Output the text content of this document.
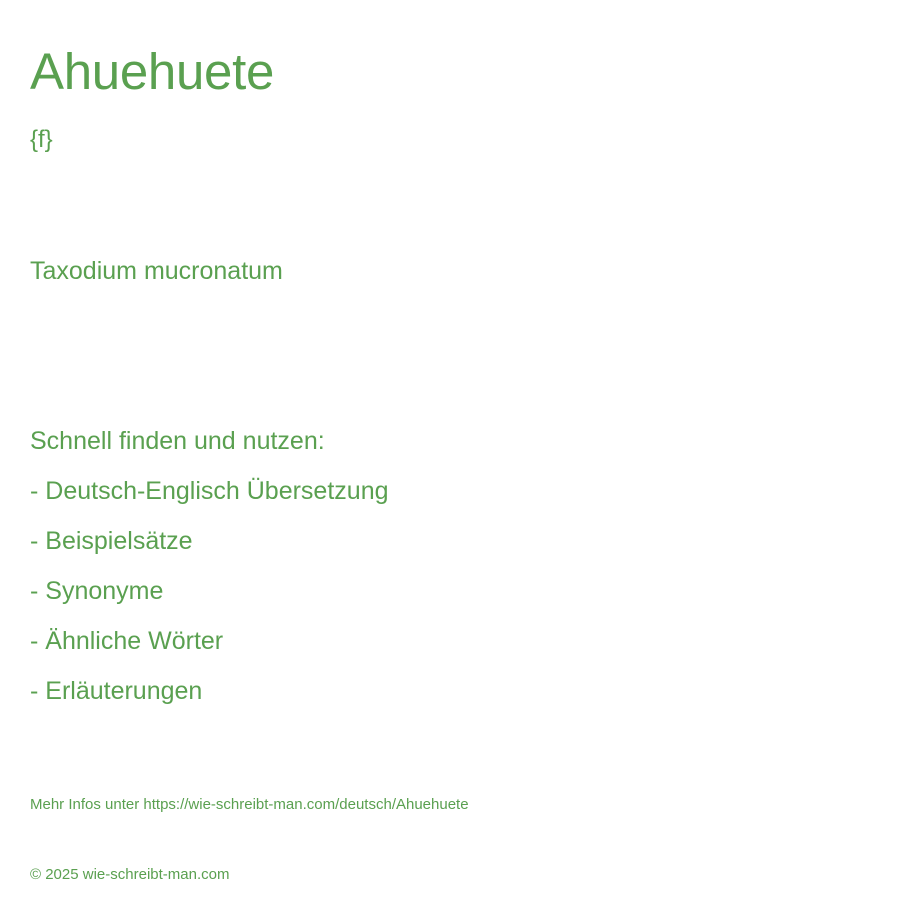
Ahuehuete
{f}
Taxodium mucronatum

Schnell finden und nutzen:

- Deutsch-Englisch Übersetzung
- Beispielsätze
- Synonyme
- Ähnliche Wörter
- Erläuterungen
Mehr Infos unter https://wie-schreibt-man.com/deutsch/Ahuehuete
© 2025 wie-schreibt-man.com
